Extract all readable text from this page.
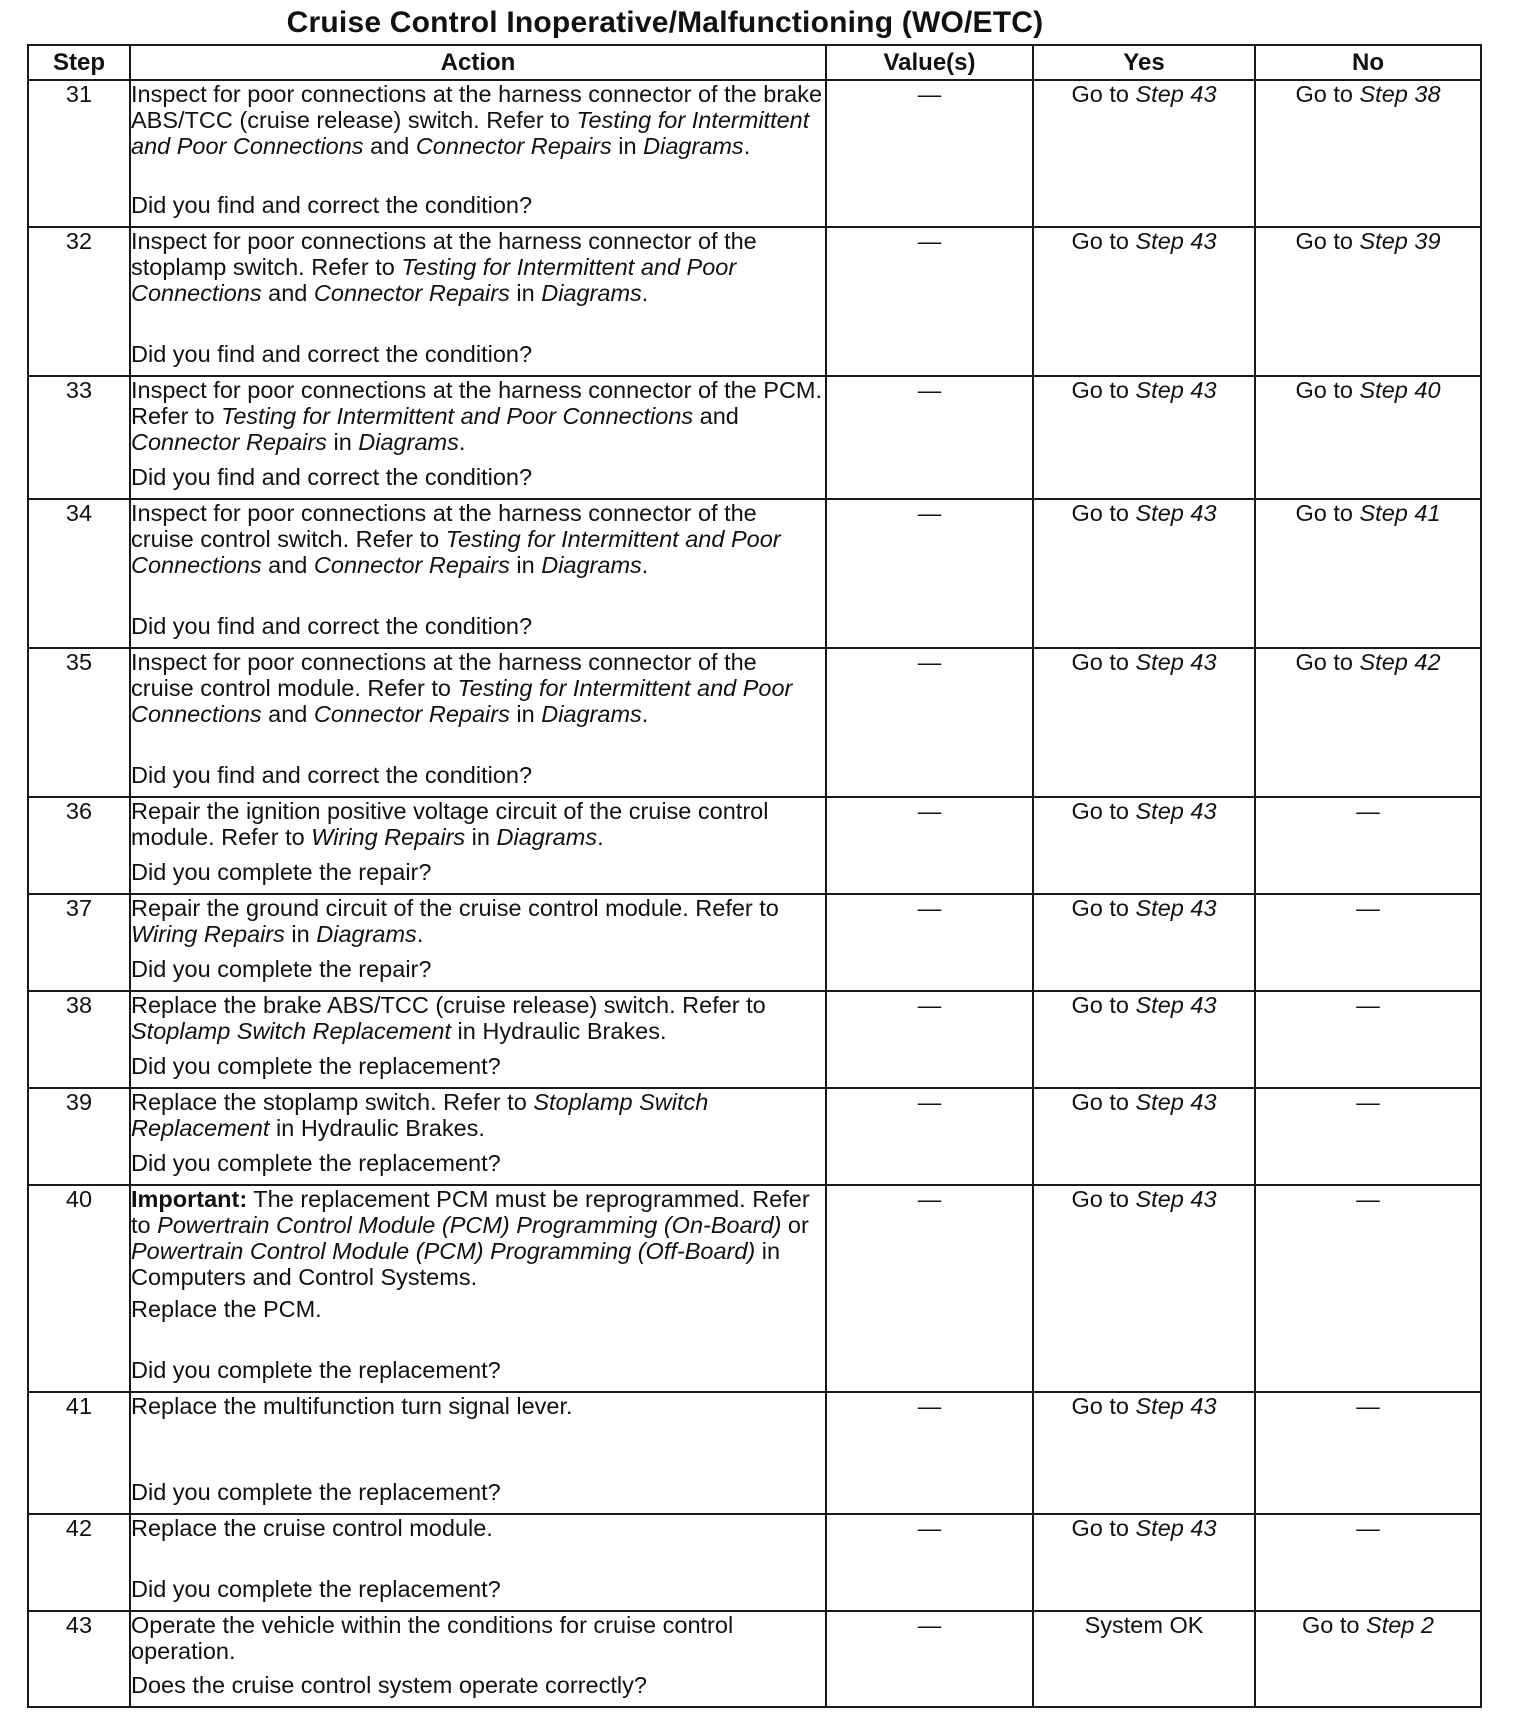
Cruise Control Inoperative/Malfunctioning (WO/ETC)
Step	Action	Value(s)	Yes	No
31	Inspect for poor connections at the harness connector of the brake ABS/TCC (cruise release) switch. Refer to Testing for Intermittent and Poor Connections and Connector Repairs in Diagrams.
Did you find and correct the condition?	—	Go to Step 43	Go to Step 38
32	Inspect for poor connections at the harness connector of the stoplamp switch. Refer to Testing for Intermittent and Poor Connections and Connector Repairs in Diagrams.
Did you find and correct the condition?	—	Go to Step 43	Go to Step 39
33	Inspect for poor connections at the harness connector of the PCM. Refer to Testing for Intermittent and Poor Connections and Connector Repairs in Diagrams.
Did you find and correct the condition?	—	Go to Step 43	Go to Step 40
34	Inspect for poor connections at the harness connector of the cruise control switch. Refer to Testing for Intermittent and Poor Connections and Connector Repairs in Diagrams.
Did you find and correct the condition?	—	Go to Step 43	Go to Step 41
35	Inspect for poor connections at the harness connector of the cruise control module. Refer to Testing for Intermittent and Poor Connections and Connector Repairs in Diagrams.
Did you find and correct the condition?	—	Go to Step 43	Go to Step 42
36	Repair the ignition positive voltage circuit of the cruise control module. Refer to Wiring Repairs in Diagrams.
Did you complete the repair?	—	Go to Step 43	—
37	Repair the ground circuit of the cruise control module. Refer to Wiring Repairs in Diagrams.
Did you complete the repair?	—	Go to Step 43	—
38	Replace the brake ABS/TCC (cruise release) switch. Refer to Stoplamp Switch Replacement in Hydraulic Brakes.
Did you complete the replacement?	—	Go to Step 43	—
39	Replace the stoplamp switch. Refer to Stoplamp Switch Replacement in Hydraulic Brakes.
Did you complete the replacement?	—	Go to Step 43	—
40	Important: The replacement PCM must be reprogrammed. Refer to Powertrain Control Module (PCM) Programming (On-Board) or Powertrain Control Module (PCM) Programming (Off-Board) in Computers and Control Systems.
Replace the PCM.
Did you complete the replacement?	—	Go to Step 43	—
41	Replace the multifunction turn signal lever.
Did you complete the replacement?	—	Go to Step 43	—
42	Replace the cruise control module.
Did you complete the replacement?	—	Go to Step 43	—
43	Operate the vehicle within the conditions for cruise control operation.
Does the cruise control system operate correctly?	—	System OK	Go to Step 2
